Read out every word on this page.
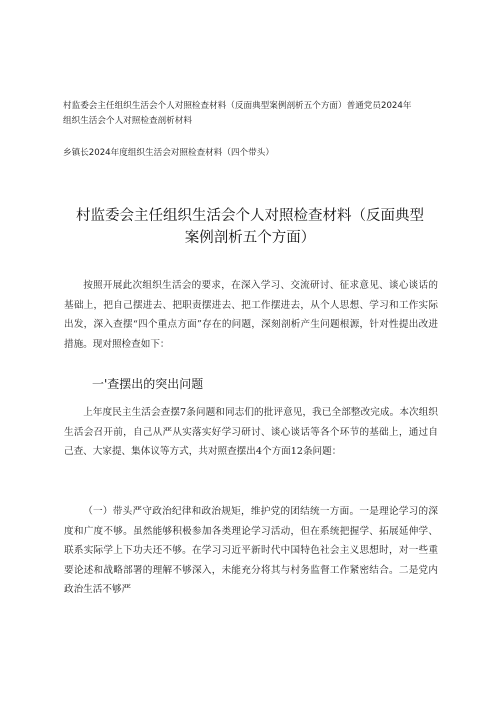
村监委会主任组织生活会个人对照检查材料（反面典型案例剖析五个方面）普通党员2024年
组织生活会个人对照检查剖析材料
乡镇长2024年度组织生活会对照检查材料（四个带头）
村监委会主任组织生活会个人对照检查材料（反面典型
案例剖析五个方面）

按照开展此次组织生活会的要求，在深入学习、交流研讨、征求意见、谈心谈话的基础上，把自己摆进去、把职责摆进去、把工作摆进去，从个人思想、学习和工作实际出发，深入查摆“四个重点方面”存在的问题，深刻剖析产生问题根源，针对性提出改进措施。现对照检查如下：

一'查摆出的突出问题

上年度民主生活会查摆7条问题和同志们的批评意见，我已全部整改完成。本次组织生活会召开前，自己从严从实落实好学习研讨、谈心谈话等各个环节的基础上，通过自己查、大家提、集体议等方式，共对照查摆出4个方面12条问题：

（一）带头严守政治纪律和政治规矩，维护党的团结统一方面。一是理论学习的深度和广度不够。虽然能够积极参加各类理论学习活动，但在系统把握学、拓展延伸学、联系实际学上下功夫还不够。在学习习近平新时代中国特色社会主义思想时，对一些重要论述和战略部署的理解不够深入，未能充分将其与村务监督工作紧密结合。二是党内政治生活不够严
